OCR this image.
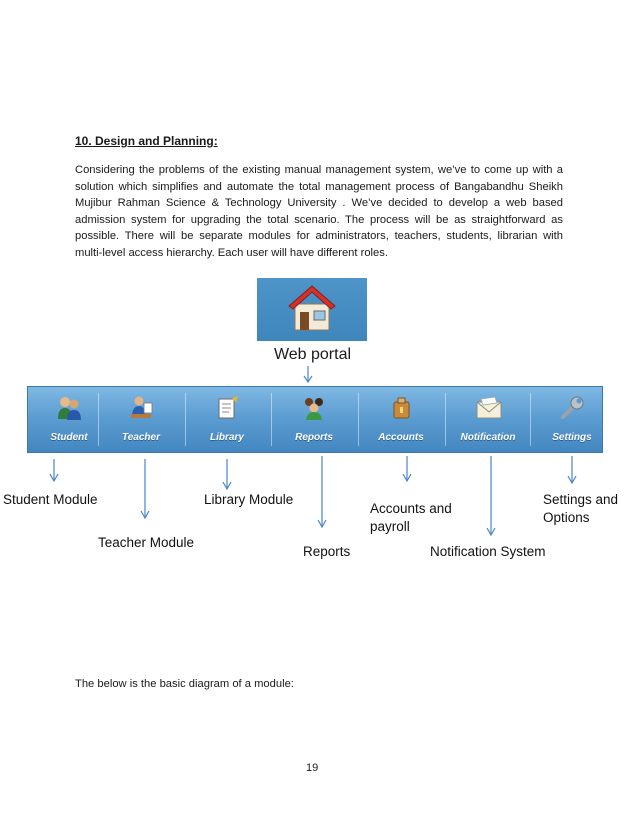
10. Design and Planning:
Considering the problems of the existing manual management system, we’ve to come up with a solution which simplifies and automate the total management process of Bangabandhu Sheikh Mujibur Rahman Science & Technology University . We’ve decided to develop a web based admission system for upgrading the total scenario. The process will be as straightforward as possible. There will be separate modules for administrators, teachers, students, librarian with multi-level access hierarchy. Each user will have different roles.
Web portal
Student	Teacher	Library	Reports	Accounts	Notification	Settings
Student Module
Teacher Module
Library Module
Reports
Accounts and
payroll
Notification System
Settings and
Options
The below is the basic diagram of a module:
19
